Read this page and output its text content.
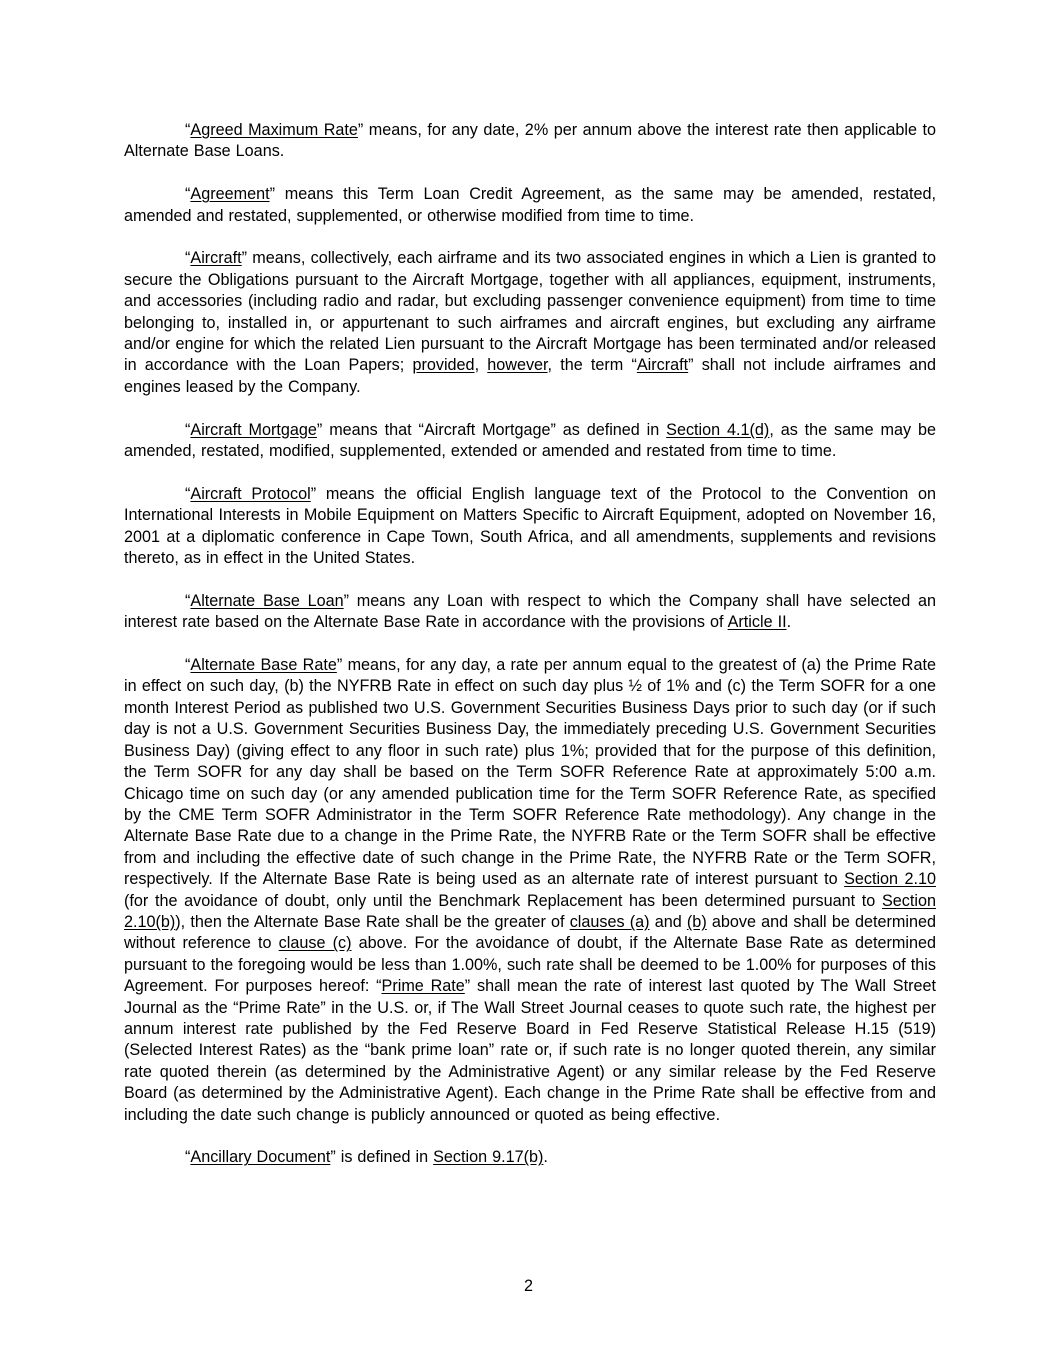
“Agreed Maximum Rate” means, for any date, 2% per annum above the interest rate then applicable to Alternate Base Loans.

“Agreement” means this Term Loan Credit Agreement, as the same may be amended, restated, amended and restated, supplemented, or otherwise modified from time to time.

“Aircraft” means, collectively, each airframe and its two associated engines in which a Lien is granted to secure the Obligations pursuant to the Aircraft Mortgage, together with all appliances, equipment, instruments, and accessories (including radio and radar, but excluding passenger convenience equipment) from time to time belonging to, installed in, or appurtenant to such airframes and aircraft engines, but excluding any airframe and/or engine for which the related Lien pursuant to the Aircraft Mortgage has been terminated and/or released in accordance with the Loan Papers; provided, however, the term “Aircraft” shall not include airframes and engines leased by the Company.

“Aircraft Mortgage” means that “Aircraft Mortgage” as defined in Section 4.1(d), as the same may be amended, restated, modified, supplemented, extended or amended and restated from time to time.

“Aircraft Protocol” means the official English language text of the Protocol to the Convention on International Interests in Mobile Equipment on Matters Specific to Aircraft Equipment, adopted on November 16, 2001 at a diplomatic conference in Cape Town, South Africa, and all amendments, supplements and revisions thereto, as in effect in the United States.

“Alternate Base Loan” means any Loan with respect to which the Company shall have selected an interest rate based on the Alternate Base Rate in accordance with the provisions of Article II.

“Alternate Base Rate” means, for any day, a rate per annum equal to the greatest of (a) the Prime Rate in effect on such day, (b) the NYFRB Rate in effect on such day plus ½ of 1% and (c) the Term SOFR for a one month Interest Period as published two U.S. Government Securities Business Days prior to such day (or if such day is not a U.S. Government Securities Business Day, the immediately preceding U.S. Government Securities Business Day) (giving effect to any floor in such rate) plus 1%; provided that for the purpose of this definition, the Term SOFR for any day shall be based on the Term SOFR Reference Rate at approximately 5:00 a.m. Chicago time on such day (or any amended publication time for the Term SOFR Reference Rate, as specified by the CME Term SOFR Administrator in the Term SOFR Reference Rate methodology). Any change in the Alternate Base Rate due to a change in the Prime Rate, the NYFRB Rate or the Term SOFR shall be effective from and including the effective date of such change in the Prime Rate, the NYFRB Rate or the Term SOFR, respectively. If the Alternate Base Rate is being used as an alternate rate of interest pursuant to Section 2.10 (for the avoidance of doubt, only until the Benchmark Replacement has been determined pursuant to Section 2.10(b)), then the Alternate Base Rate shall be the greater of clauses (a) and (b) above and shall be determined without reference to clause (c) above. For the avoidance of doubt, if the Alternate Base Rate as determined pursuant to the foregoing would be less than 1.00%, such rate shall be deemed to be 1.00% for purposes of this Agreement. For purposes hereof: “Prime Rate” shall mean the rate of interest last quoted by The Wall Street Journal as the “Prime Rate” in the U.S. or, if The Wall Street Journal ceases to quote such rate, the highest per annum interest rate published by the Fed Reserve Board in Fed Reserve Statistical Release H.15 (519) (Selected Interest Rates) as the “bank prime loan” rate or, if such rate is no longer quoted therein, any similar rate quoted therein (as determined by the Administrative Agent) or any similar release by the Fed Reserve Board (as determined by the Administrative Agent). Each change in the Prime Rate shall be effective from and including the date such change is publicly announced or quoted as being effective.

“Ancillary Document” is defined in Section 9.17(b).

2
